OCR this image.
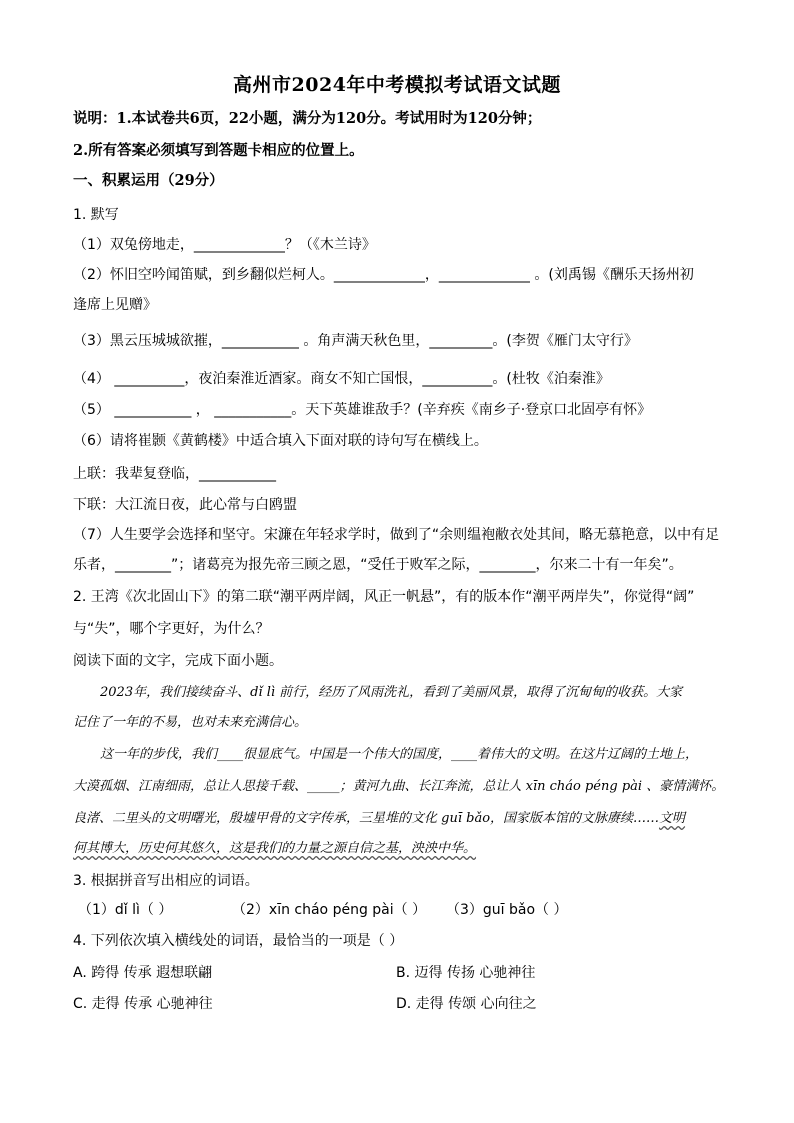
高州市2024年中考模拟考试语文试题
说明：1.本试卷共6页，22小题，满分为120分。考试用时为120分钟；
2.所有答案必须填写到答题卡相应的位置上。
一、积累运用（29分）
1. 默写
（1）双兔傍地走，_____________？（《木兰诗》
（2）怀旧空吟闻笛赋，到乡翻似烂柯人。_____________，_____________ 。(刘禹锡《酬乐天扬州初
逢席上见赠》
（3）黑云压城城欲摧，___________ 。角声满天秋色里，_________。(李贺《雁门太守行》
（4） __________，夜泊秦淮近酒家。商女不知亡国恨，__________。(杜牧《泊秦淮》
（5） ___________ ， ___________。天下英雄谁敌手？(辛弃疾《南乡子·登京口北固亭有怀》
（6）请将崔颢《黄鹤楼》中适合填入下面对联的诗句写在横线上。
上联：我辈复登临，___________
下联：大江流日夜，此心常与白鸥盟
（7）人生要学会选择和坚守。宋濂在年轻求学时，做到了“余则缊袍敝衣处其间，略无慕艳意，以中有足
乐者，________”；诸葛亮为报先帝三顾之恩，“受任于败军之际，________，尔来二十有一年矣”。
2. 王湾《次北固山下》的第二联“潮平两岸阔，风正一帆悬”，有的版本作“潮平两岸失”，你觉得“阔”
与“失”，哪个字更好，为什么？
阅读下面的文字，完成下面小题。
2023年，我们接续奋斗、dǐ lì 前行，经历了风雨洗礼，看到了美丽风景，取得了沉甸甸的收获。大家
记住了一年的不易，也对未来充满信心。
这一年的步伐，我们____很显底气。中国是一个伟大的国度，____着伟大的文明。在这片辽阔的土地上，
大漠孤烟、江南细雨，总让人思接千载、_____；黄河九曲、长江奔流，总让人 xīn cháo péng pài 、豪情满怀。
良渚、二里头的文明曙光，殷墟甲骨的文字传承，三星堆的文化 guī bǎo，国家版本馆的文脉赓续……文明
何其博大，历史何其悠久，这是我们的力量之源自信之基，泱泱中华。
3. 根据拼音写出相应的词语。
（1）dǐ lì（ ）	（2）xīn cháo péng pài（ ） （3）guī bǎo（ ）
4. 下列依次填入横线处的词语，最恰当的一项是（ ）
A. 跨得 传承 遐想联翩	B. 迈得 传扬 心驰神往
C. 走得 传承 心驰神往	D. 走得 传颂 心向往之
